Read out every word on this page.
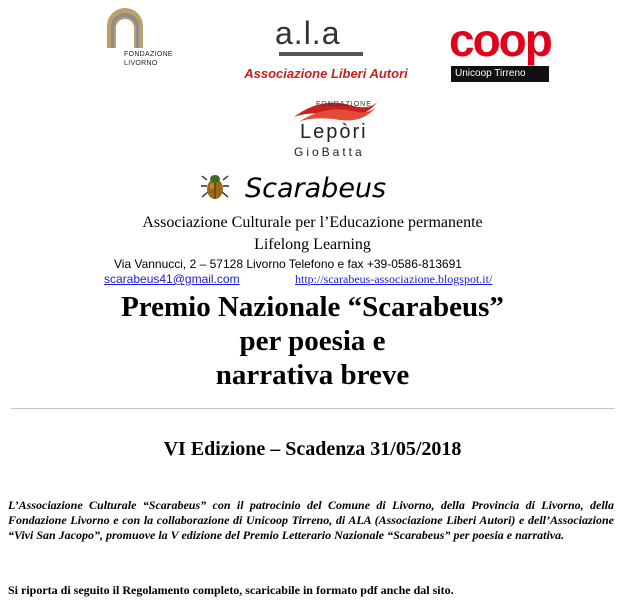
FONDAZIONE
LIVORNO
a.l.a
Associazione Liberi Autori
coop
Unicoop Tirreno
FONDAZIONE
Lepòri
GioBatta
Scarabeus
Associazione Culturale per l’Educazione permanente
Lifelong Learning
Via Vannucci, 2 – 57128 Livorno Telefono e fax +39-0586-813691
scarabeus41@gmail.com	http://scarabeus-associazione.blogspot.it/
Premio Nazionale “Scarabeus”
per poesia e
narrativa breve
VI Edizione – Scadenza 31/05/2018
L’Associazione Culturale “Scarabeus” con il patrocinio del Comune di Livorno, della Provincia di Livorno, della Fondazione Livorno e con la collaborazione di Unicoop Tirreno, di ALA (Associazione Liberi Autori) e dell’Associazione “Vivi San Jacopo”, promuove la V edizione del Premio Letterario Nazionale “Scarabeus” per poesia e narrativa.
Si riporta di seguito il Regolamento completo, scaricabile in formato pdf anche dal sito.
